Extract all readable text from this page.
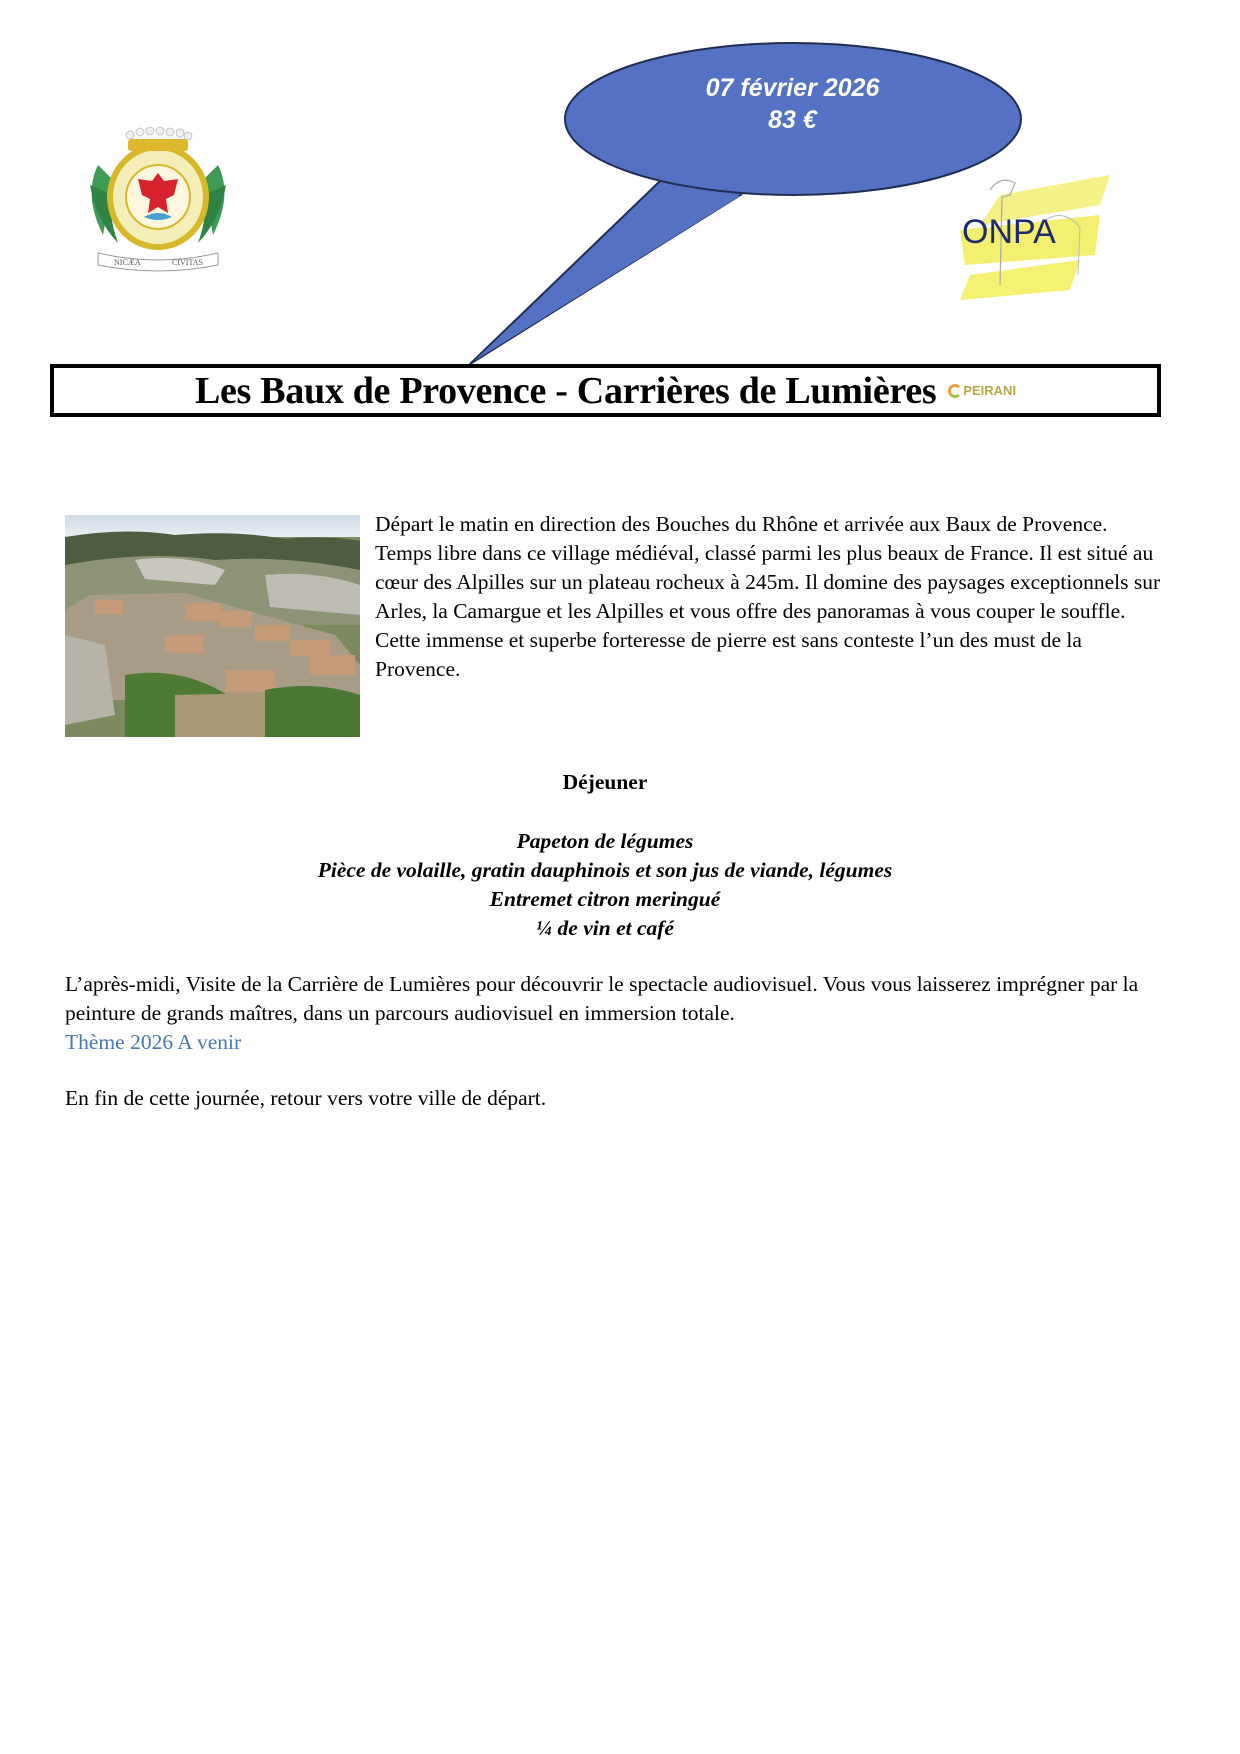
07 février 2026
83 €
NICÆA	CIVITAS
ONPA
Les Baux de Provence - Carrières de Lumières PEIRANI

Départ le matin en direction des Bouches du Rhône et arrivée aux Baux de Provence.

Temps libre dans ce village médiéval, classé parmi les plus beaux de France. Il est situé au cœur des Alpilles sur un plateau rocheux à 245m. Il domine des paysages exceptionnels sur Arles, la Camargue et les Alpilles et vous offre des panoramas à vous couper le souffle. Cette immense et superbe forteresse de pierre est sans conteste l’un des must de la Provence.

Déjeuner
Papeton de légumes
Pièce de volaille, gratin dauphinois et son jus de viande, légumes
Entremet citron meringué
¼ de vin et café

L’après-midi, Visite de la Carrière de Lumières pour découvrir le spectacle audiovisuel. Vous vous laisserez imprégner par la peinture de grands maîtres, dans un parcours audiovisuel en immersion totale.

Thème 2026 A venir

En fin de cette journée, retour vers votre ville de départ.
